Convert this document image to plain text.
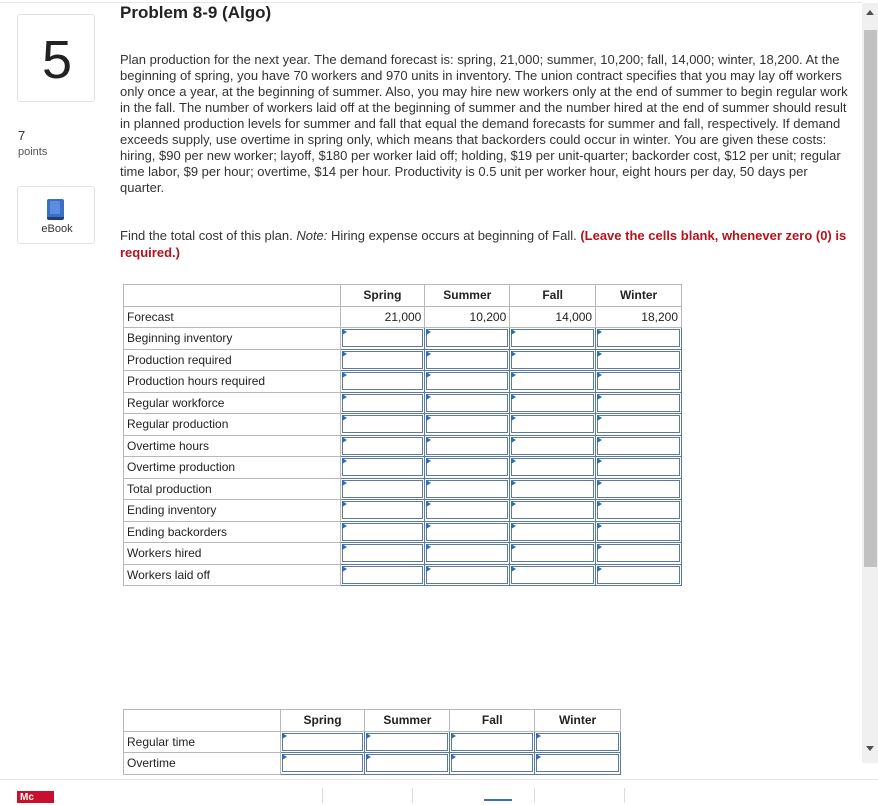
5
7
points
eBook
Problem 8-9 (Algo)
Plan production for the next year. The demand forecast is: spring, 21,000; summer, 10,200; fall, 14,000; winter, 18,200. At the beginning of spring, you have 70 workers and 970 units in inventory. The union contract specifies that you may lay off workers only once a year, at the beginning of summer. Also, you may hire new workers only at the end of summer to begin regular work in the fall. The number of workers laid off at the beginning of summer and the number hired at the end of summer should result in planned production levels for summer and fall that equal the demand forecasts for summer and fall, respectively. If demand exceeds supply, use overtime in spring only, which means that backorders could occur in winter. You are given these costs: hiring, $90 per new worker; layoff, $180 per worker laid off; holding, $19 per unit-quarter; backorder cost, $12 per unit; regular time labor, $9 per hour; overtime, $14 per hour. Productivity is 0.5 unit per worker hour, eight hours per day, 50 days per quarter.
Find the total cost of this plan. Note: Hiring expense occurs at beginning of Fall. (Leave the cells blank, whenever zero (0) is required.)
	Spring	Summer	Fall	Winter
Forecast	21,000	10,200	14,000	18,200
Beginning inventory				
Production required				
Production hours required				
Regular workforce				
Regular production				
Overtime hours				
Overtime production				
Total production				
Ending inventory				
Ending backorders				
Workers hired				
Workers laid off				
	Spring	Summer	Fall	Winter
Regular time				
Overtime				
Mc
